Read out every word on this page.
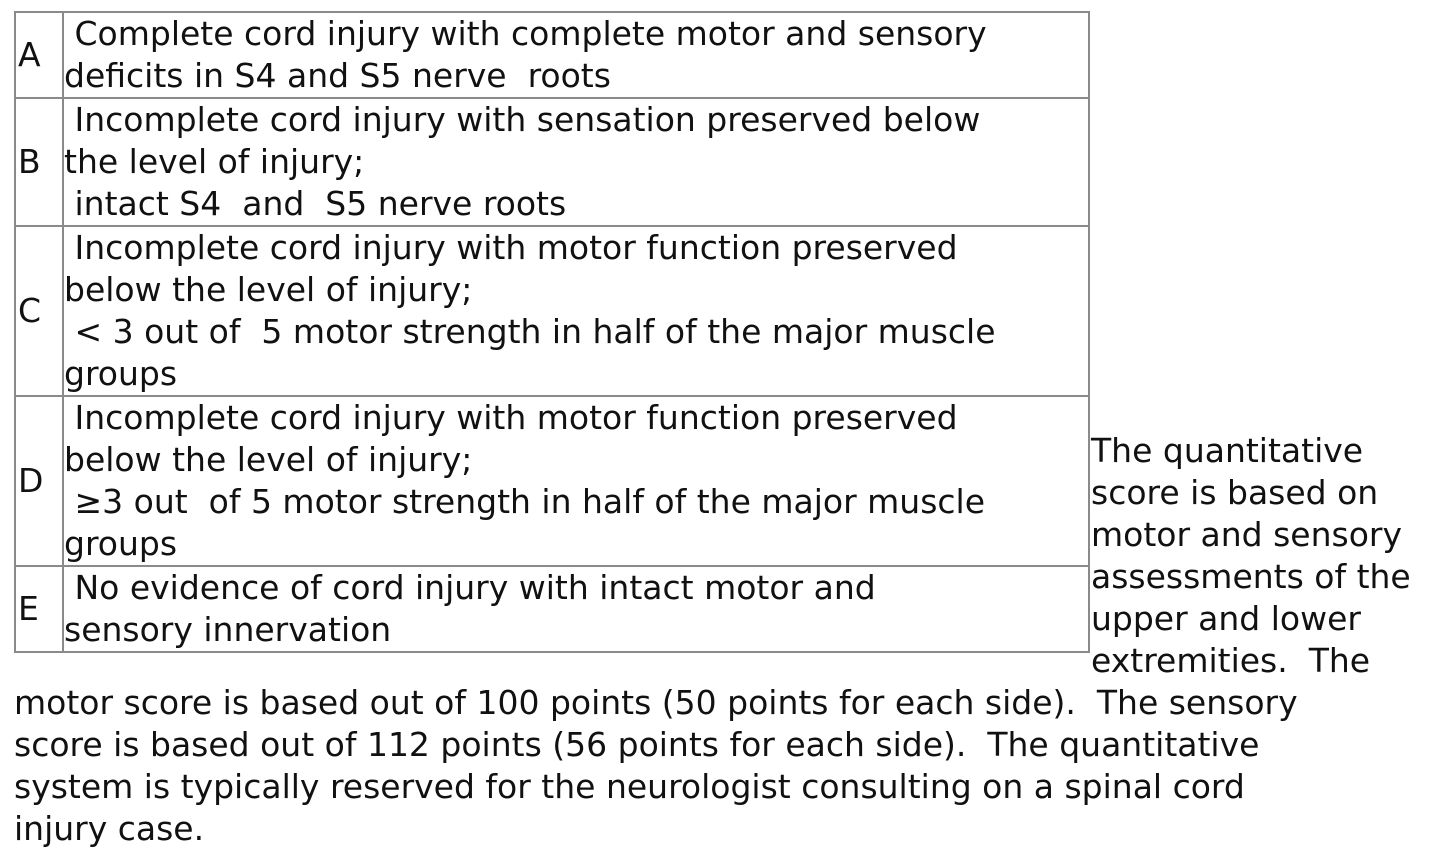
A	Complete cord injury with complete motor and sensory
deficits in S4 and S5 nerve  roots

B	Incomplete cord injury with sensation preserved below
the level of injury;
intact S4  and  S5 nerve roots

C	Incomplete cord injury with motor function preserved
below the level of injury;
< 3 out of  5 motor strength in half of the major muscle
groups

D	Incomplete cord injury with motor function preserved
below the level of injury;
≥3 out  of 5 motor strength in half of the major muscle
groups

E	No evidence of cord injury with intact motor and
sensory innervation
The quantitative
score is based on
motor and sensory
assessments of the
upper and lower
extremities.  The
motor score is based out of 100 points (50 points for each side).  The sensory
score is based out of 112 points (56 points for each side).  The quantitative
system is typically reserved for the neurologist consulting on a spinal cord
injury case.
